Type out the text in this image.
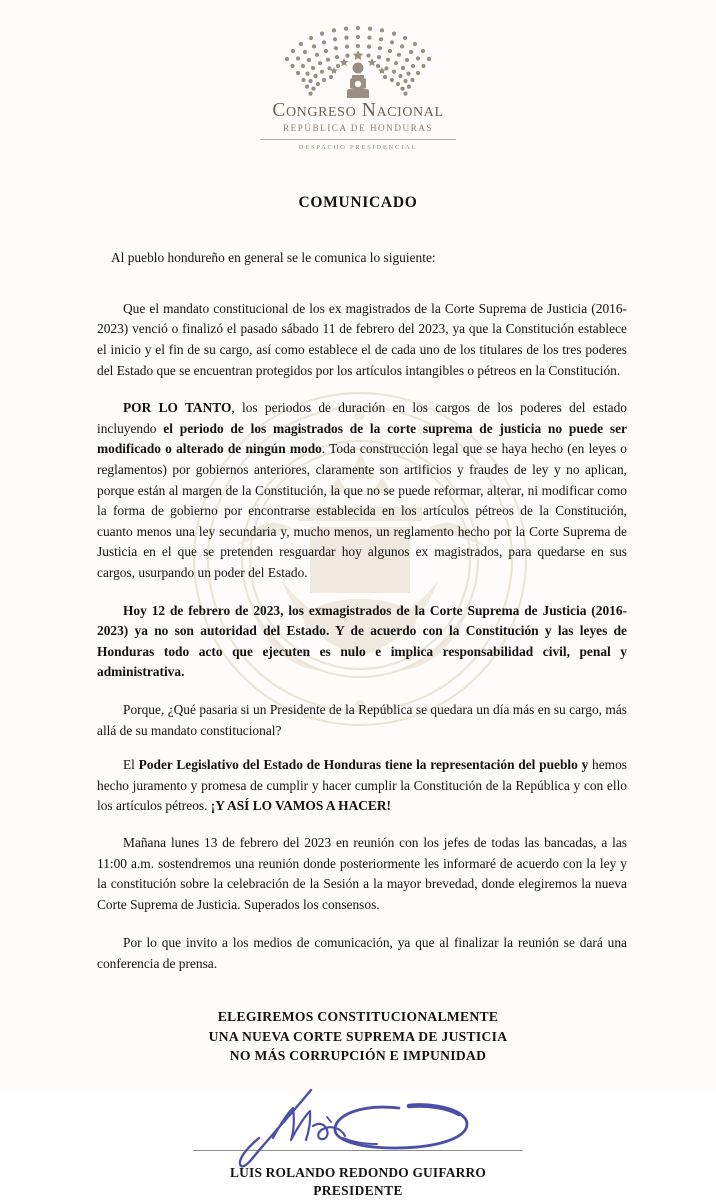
Congreso Nacional
REPÚBLICA DE HONDURAS
DESPACHO PRESIDENCIAL
COMUNICADO

Al pueblo hondureño en general se le comunica lo siguiente:

Que el mandato constitucional de los ex magistrados de la Corte Suprema de Justicia (2016-2023) venció o finalizó el pasado sábado 11 de febrero del 2023, ya que la Constitución establece el inicio y el fin de su cargo, así como establece el de cada uno de los titulares de los tres poderes del Estado que se encuentran protegidos por los artículos intangibles o pétreos en la Constitución.

POR LO TANTO, los periodos de duración en los cargos de los poderes del estado incluyendo el periodo de los magistrados de la corte suprema de justicia no puede ser modificado o alterado de ningún modo. Toda construcción legal que se haya hecho (en leyes o reglamentos) por gobiernos anteriores, claramente son artificios y fraudes de ley y no aplican, porque están al margen de la Constitución, la que no se puede reformar, alterar, ni modificar como la forma de gobierno por encontrarse establecida en los artículos pétreos de la Constitución, cuanto menos una ley secundaria y, mucho menos, un reglamento hecho por la Corte Suprema de Justicia en el que se pretenden resguardar hoy algunos ex magistrados, para quedarse en sus cargos, usurpando un poder del Estado.

Hoy 12 de febrero de 2023, los exmagistrados de la Corte Suprema de Justicia (2016-2023) ya no son autoridad del Estado. Y de acuerdo con la Constitución y las leyes de Honduras todo acto que ejecuten es nulo e implica responsabilidad civil, penal y administrativa.

Porque, ¿Qué pasaria si un Presidente de la República se quedara un día más en su cargo, más allá de su mandato constitucional?

El Poder Legislativo del Estado de Honduras tiene la representación del pueblo y hemos hecho juramento y promesa de cumplir y hacer cumplir la Constitución de la República y con ello los artículos pétreos. ¡Y ASÍ LO VAMOS A HACER!

Mañana lunes 13 de febrero del 2023 en reunión con los jefes de todas las bancadas, a las 11:00 a.m. sostendremos una reunión donde posteriormente les informaré de acuerdo con la ley y la constitución sobre la celebración de la Sesión a la mayor brevedad, donde elegiremos la nueva Corte Suprema de Justicia. Superados los consensos.

Por lo que invito a los medios de comunicación, ya que al finalizar la reunión se dará una conferencia de prensa.

ELEGIREMOS CONSTITUCIONALMENTE
UNA NUEVA CORTE SUPREMA DE JUSTICIA
NO MÁS CORRUPCIÓN E IMPUNIDAD
LUIS ROLANDO REDONDO GUIFARRO
PRESIDENTE
